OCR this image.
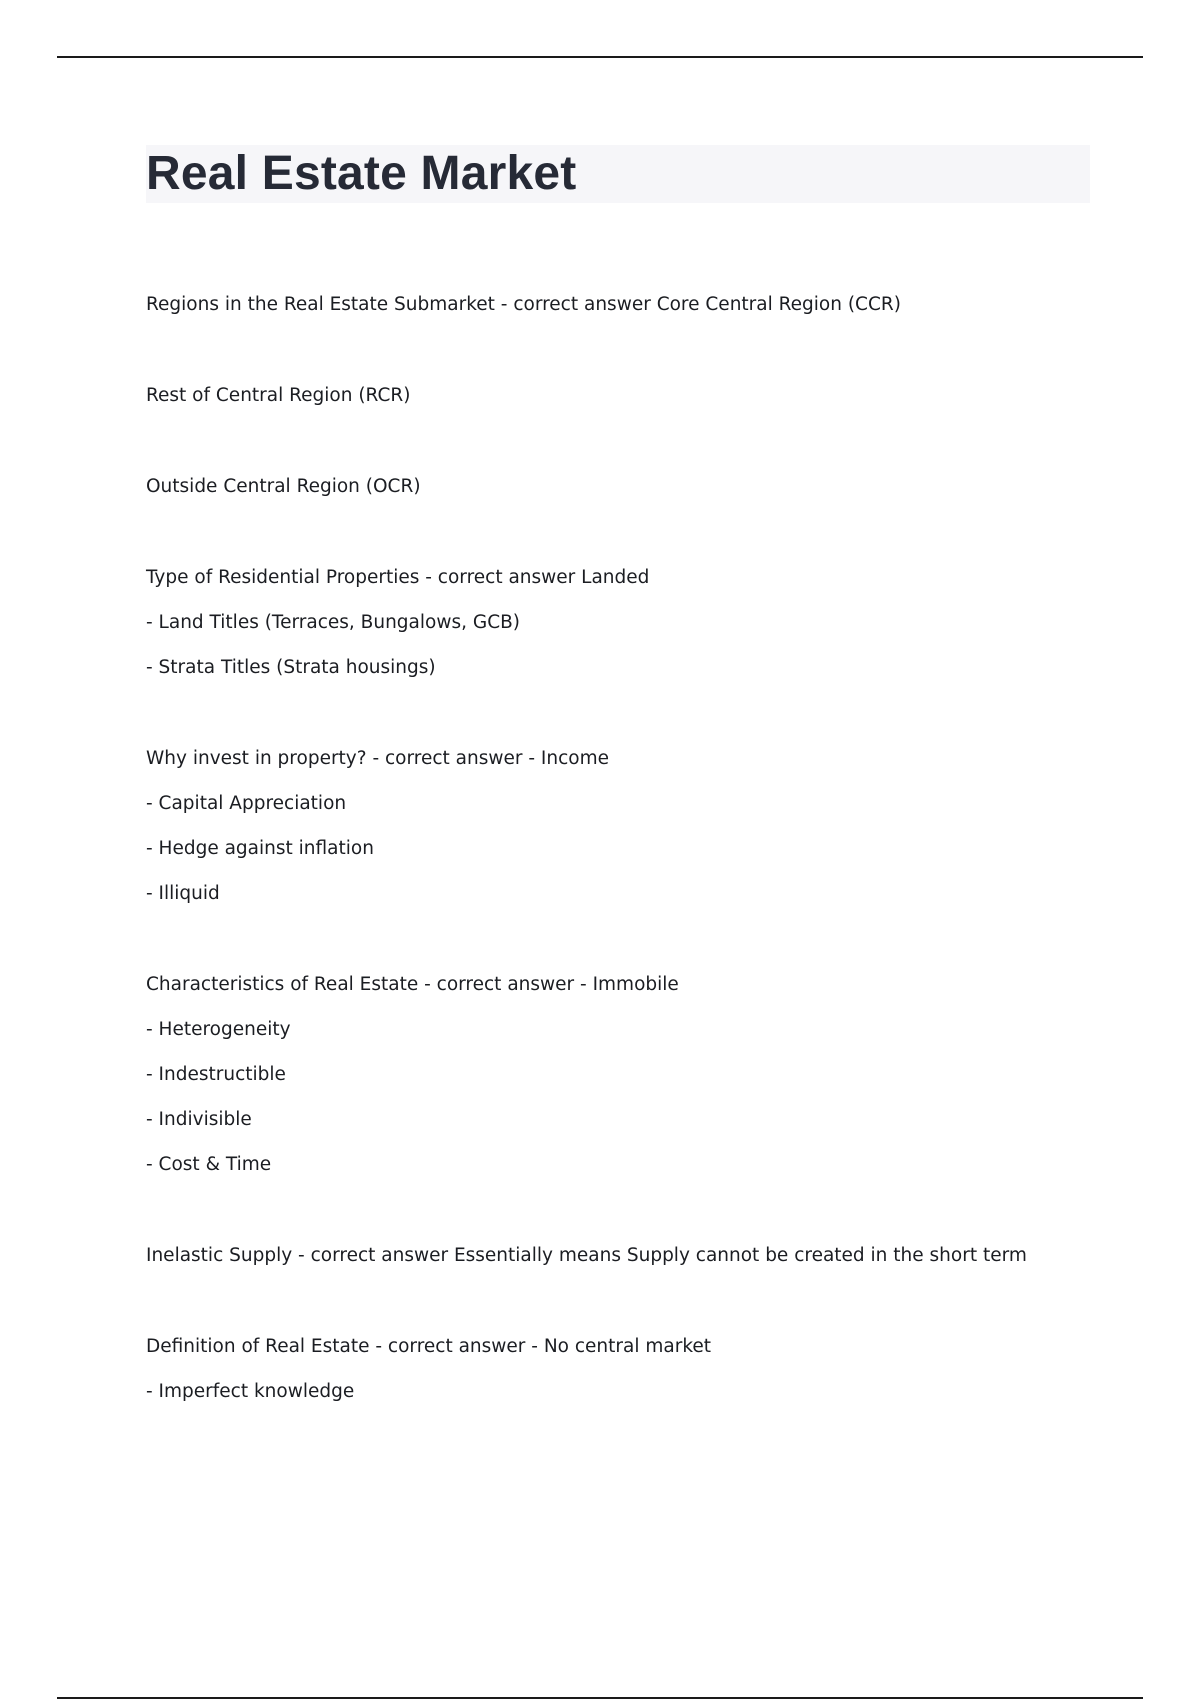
Real Estate Market

Regions in the Real Estate Submarket - correct answer Core Central Region (CCR)

Rest of Central Region (RCR)

Outside Central Region (OCR)

Type of Residential Properties - correct answer Landed

- Land Titles (Terraces, Bungalows, GCB)

- Strata Titles (Strata housings)

Why invest in property? - correct answer - Income

- Capital Appreciation

- Hedge against inflation

- Illiquid

Characteristics of Real Estate - correct answer - Immobile

- Heterogeneity

- Indestructible

- Indivisible

- Cost & Time

Inelastic Supply - correct answer Essentially means Supply cannot be created in the short term

Definition of Real Estate - correct answer - No central market

- Imperfect knowledge
